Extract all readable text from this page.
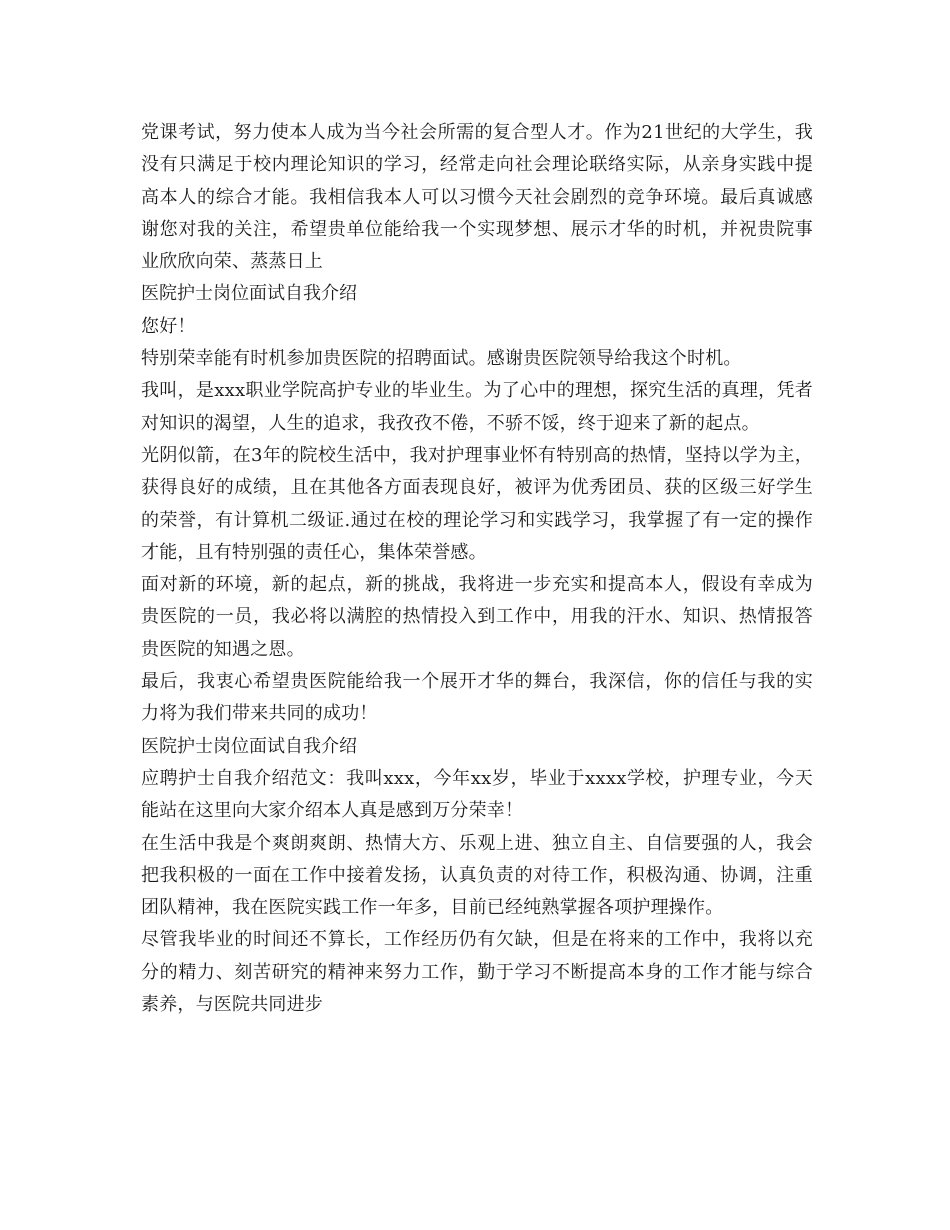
党课考试，努力使本人成为当今社会所需的复合型人才。作为21世纪的大学生，我没有只满足于校内理论知识的学习，经常走向社会理论联络实际，从亲身实践中提高本人的综合才能。我相信我本人可以习惯今天社会剧烈的竞争环境。最后真诚感谢您对我的关注，希望贵单位能给我一个实现梦想、展示才华的时机，并祝贵院事业欣欣向荣、蒸蒸日上

医院护士岗位面试自我介绍

您好！

特别荣幸能有时机参加贵医院的招聘面试。感谢贵医院领导给我这个时机。

我叫，是xxx职业学院高护专业的毕业生。为了心中的理想，探究生活的真理，凭者对知识的渴望，人生的追求，我孜孜不倦，不骄不馁，终于迎来了新的起点。

光阴似箭，在3年的院校生活中，我对护理事业怀有特别高的热情，坚持以学为主，获得良好的成绩，且在其他各方面表现良好，被评为优秀团员、获的区级三好学生的荣誉，有计算机二级证.通过在校的理论学习和实践学习，我掌握了有一定的操作才能，且有特别强的责任心，集体荣誉感。

面对新的环境，新的起点，新的挑战，我将进一步充实和提高本人，假设有幸成为贵医院的一员，我必将以满腔的热情投入到工作中，用我的汗水、知识、热情报答贵医院的知遇之恩。

最后，我衷心希望贵医院能给我一个展开才华的舞台，我深信，你的信任与我的实力将为我们带来共同的成功！

医院护士岗位面试自我介绍

应聘护士自我介绍范文：我叫xxx，今年xx岁，毕业于xxxx学校，护理专业，今天能站在这里向大家介绍本人真是感到万分荣幸！

在生活中我是个爽朗爽朗、热情大方、乐观上进、独立自主、自信要强的人，我会把我积极的一面在工作中接着发扬，认真负责的对待工作，积极沟通、协调，注重团队精神，我在医院实践工作一年多，目前已经纯熟掌握各项护理操作。

尽管我毕业的时间还不算长，工作经历仍有欠缺，但是在将来的工作中，我将以充分的精力、刻苦研究的精神来努力工作，勤于学习不断提高本身的工作才能与综合素养，与医院共同进步
